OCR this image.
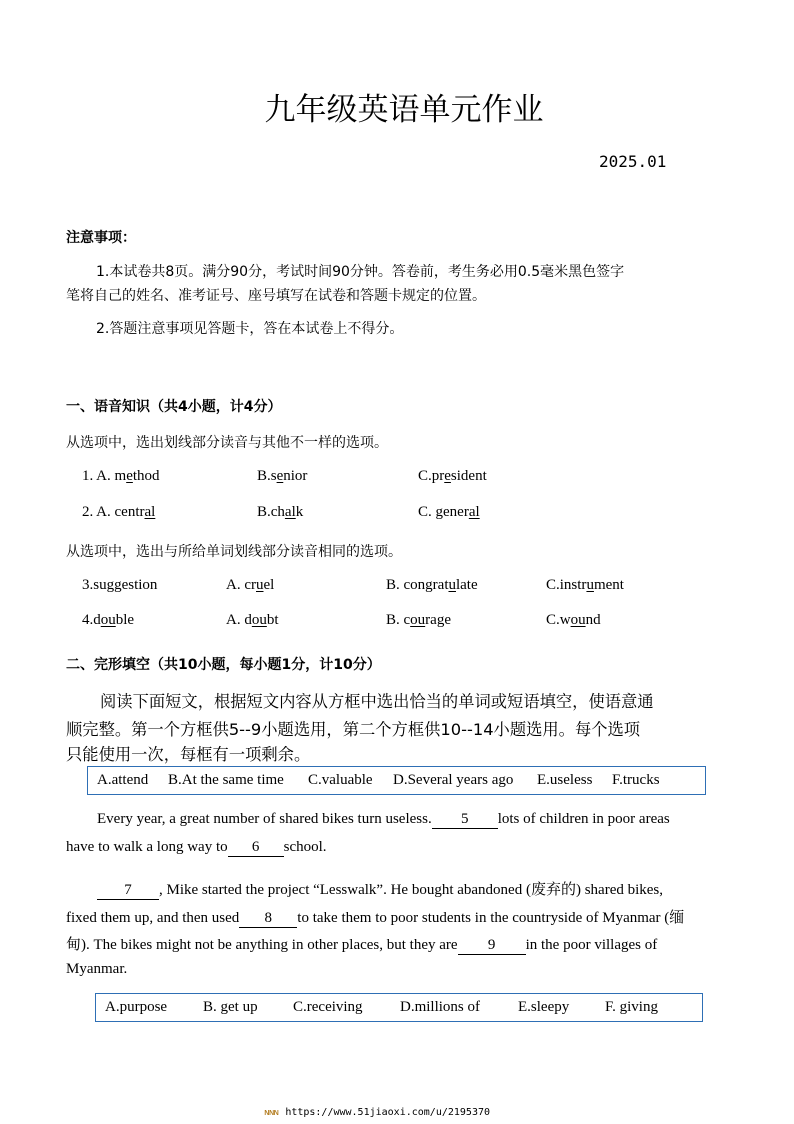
九年级英语单元作业
2025.01
注意事项：
1.本试卷共8页。满分90分，考试时间90分钟。答卷前，考生务必用0.5毫米黑色签字
笔将自己的姓名、准考证号、座号填写在试卷和答题卡规定的位置。
2.答题注意事项见答题卡，答在本试卷上不得分。
一、语音知识（共4小题，计4分）
从选项中，选出划线部分读音与其他不一样的选项。
1. A. method	B.senior	C.president
2. A. central	B.chalk	C. general
从选项中，选出与所给单词划线部分读音相同的选项。
3.suggestion	A. cruel	B. congratulate	C.instrument
4.double	A. doubt	B. courage	C.wound
二、完形填空（共10小题，每小题1分，计10分）
阅读下面短文，根据短文内容从方框中选出恰当的单词或短语填空，使语意通
顺完整。第一个方框供5--9小题选用，第二个方框供10--14小题选用。每个选项
只能使用一次，每框有一项剩余。
A.attend B.At the same time C.valuable D.Several years ago E.useless F.trucks
Every year, a great number of shared bikes turn useless. 5 lots of children in poor areas
have to walk a long way to 6 school.
7 , Mike started the project “Lesswalk”. He bought abandoned (废弃的) shared bikes,
fixed them up, and then used 8 to take them to poor students in the countryside of Myanmar (缅
甸). The bikes might not be anything in other places, but they are 9 in the poor villages of
Myanmar.
A.purpose B. get up C.receiving D.millions of	E.sleepy F. giving
ɴɴɴ https://www.51jiaoxi.com/u/2195370
